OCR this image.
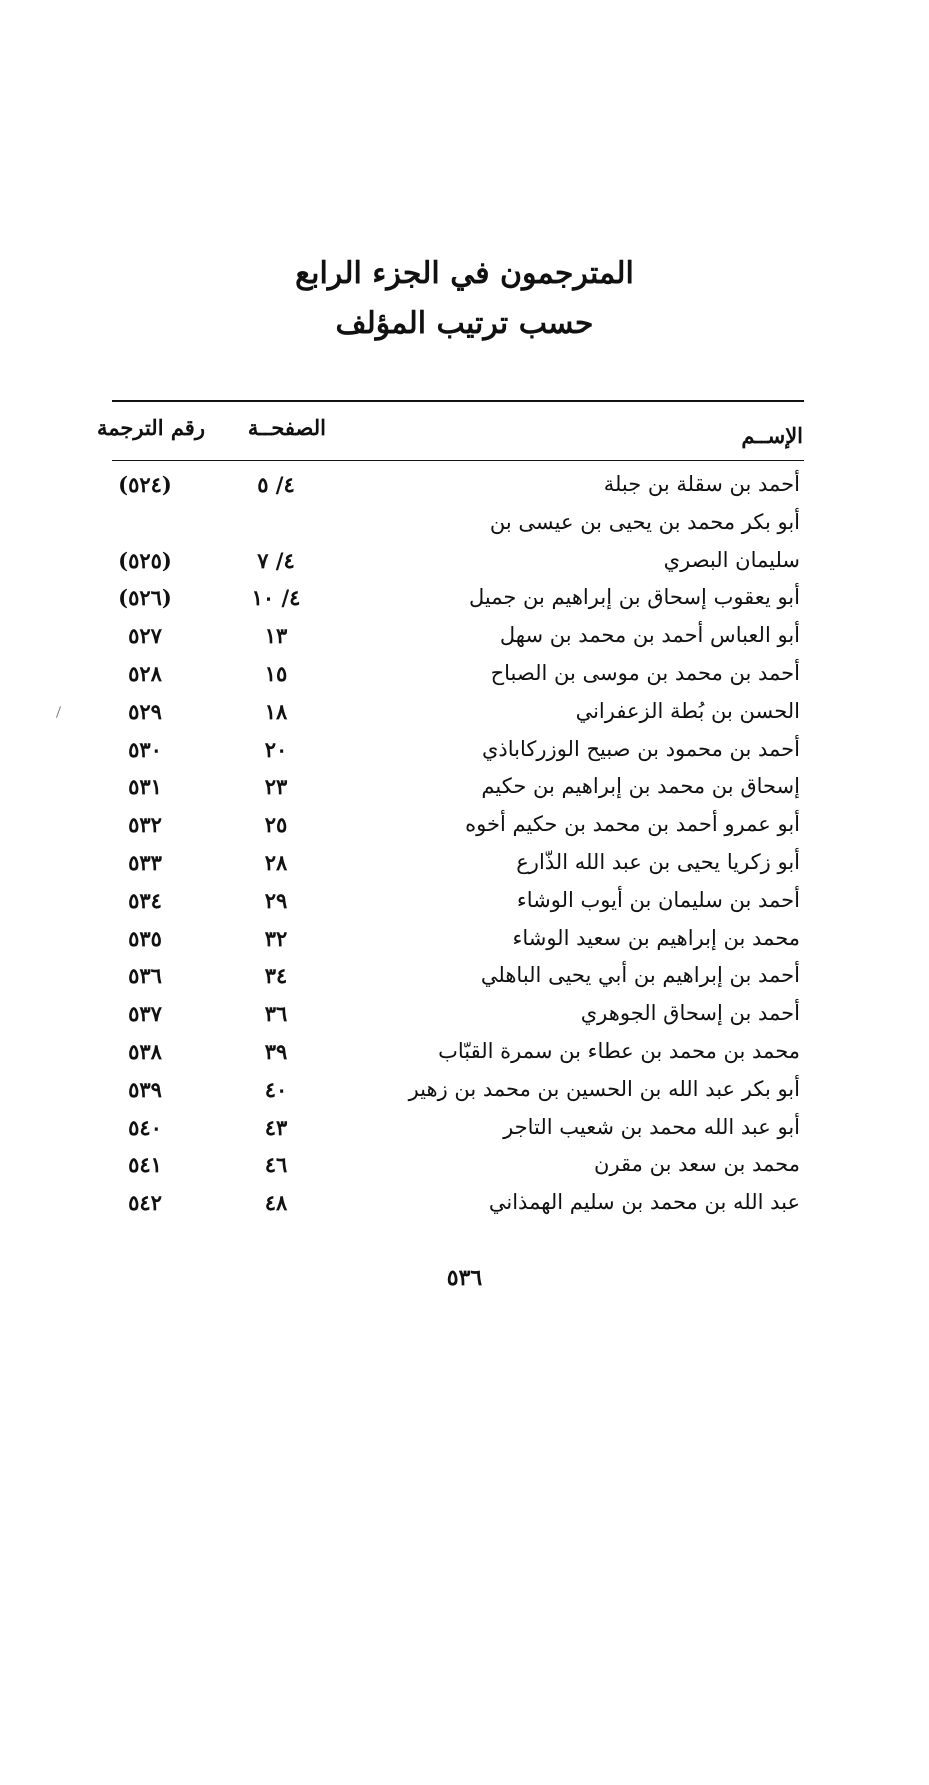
المترجمون في الجزء الرابع
حسب ترتيب المؤلف
الإســم
الصفحــة
رقم الترجمة
أحمد بن سقلة بن جبلة
٤/ ٥
(٥٢٤)
أبو بكر محمد بن يحيى بن عيسى بن
سليمان البصري
٤/ ٧
(٥٢٥)
أبو يعقوب إسحاق بن إبراهيم بن جميل
٤/ ١٠
(٥٢٦)
أبو العباس أحمد بن محمد بن سهل
١٣
٥٢٧
أحمد بن محمد بن موسى بن الصباح
١٥
٥٢٨
الحسن بن بُطة الزعفراني
١٨
٥٢٩
أحمد بن محمود بن صبيح الوزركاباذي
٢٠
٥٣٠
إسحاق بن محمد بن إبراهيم بن حكيم
٢٣
٥٣١
أبو عمرو أحمد بن محمد بن حكيم أخوه
٢٥
٥٣٢
أبو زكريا يحيى بن عبد الله الذّارع
٢٨
٥٣٣
أحمد بن سليمان بن أيوب الوشاء
٢٩
٥٣٤
محمد بن إبراهيم بن سعيد الوشاء
٣٢
٥٣٥
أحمد بن إبراهيم بن أبي يحيى الباهلي
٣٤
٥٣٦
أحمد بن إسحاق الجوهري
٣٦
٥٣٧
محمد بن محمد بن عطاء بن سمرة القبّاب
٣٩
٥٣٨
أبو بكر عبد الله بن الحسين بن محمد بن زهير
٤٠
٥٣٩
أبو عبد الله محمد بن شعيب التاجر
٤٣
٥٤٠
محمد بن سعد بن مقرن
٤٦
٥٤١
عبد الله بن محمد بن سليم الهمذاني
٤٨
٥٤٢
٥٣٦
